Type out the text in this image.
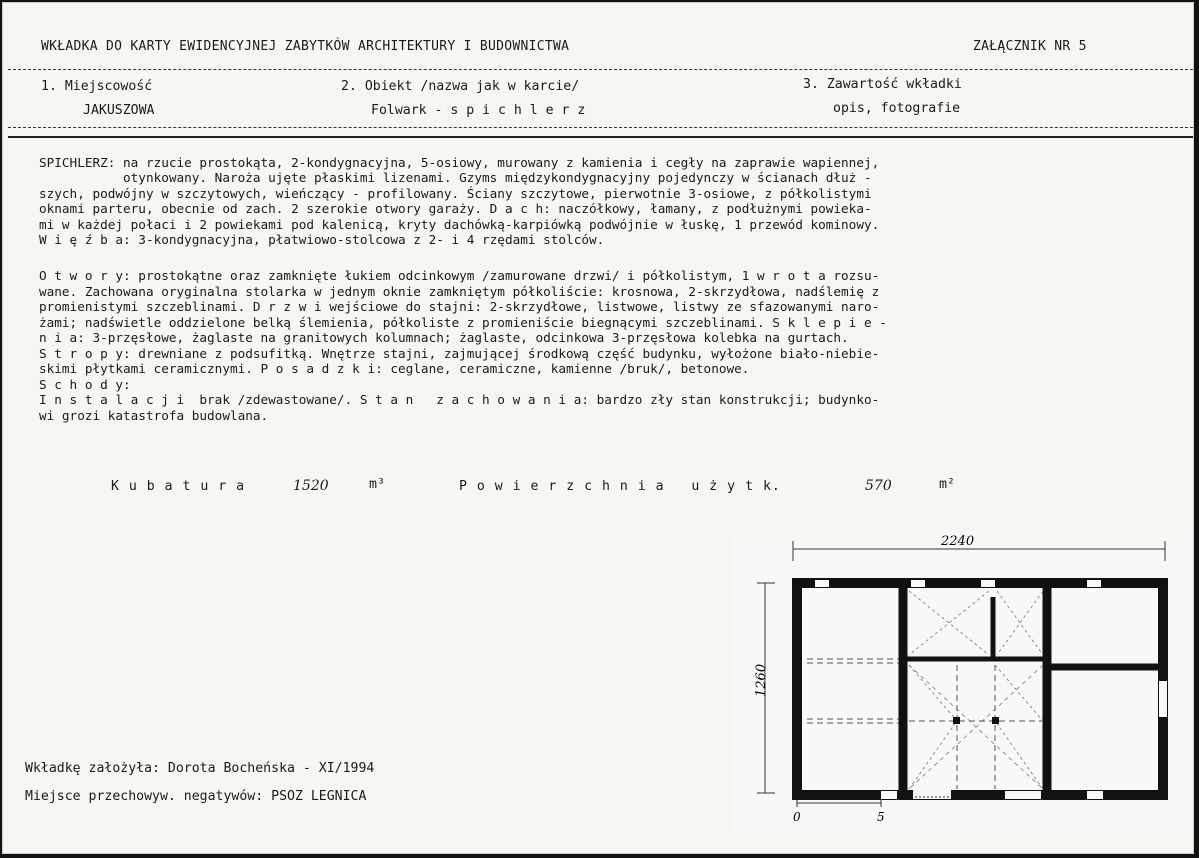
WKŁADKA DO KARTY EWIDENCYJNEJ ZABYTKÓW ARCHITEKTURY I BUDOWNICTWA	ZAŁĄCZNIK NR 5
1. Miejscowość
JAKUSZOWA
2. Obiekt /nazwa jak w karcie/
Folwark - s p i c h l e r z
3. Zawartość wkładki
opis, fotografie
SPICHLERZ: na rzucie prostokąta, 2-kondygnacyjna, 5-osiowy, murowany z kamienia i cegły na zaprawie wapiennej,
otynkowany. Naroża ujęte płaskimi lizenami. Gzyms międzykondygnacyjny pojedynczy w ścianach dłuż -
szych, podwójny w szczytowych, wieńczący - profilowany. Ściany szczytowe, pierwotnie 3-osiowe, z półkolistymi
oknami parteru, obecnie od zach. 2 szerokie otwory garaży. D a c h: naczółkowy, łamany, z podłużnymi powieka-
mi w każdej połaci i 2 powiekami pod kalenicą, kryty dachówką-karpiówką podwójnie w łuskę, 1 przewód kominowy.
W i ę ź b a: 3-kondygnacyjna, płatwiowo-stolcowa z 2- i 4 rzędami stolców.
O t w o r y: prostokątne oraz zamknięte łukiem odcinkowym /zamurowane drzwi/ i półkolistym, 1 w r o t a rozsu-
wane. Zachowana oryginalna stolarka w jednym oknie zamkniętym półkoliście: krosnowa, 2-skrzydłowa, nadślemię z
promienistymi szczeblinami. D r z w i wejściowe do stajni: 2-skrzydłowe, listwowe, listwy ze sfazowanymi naro-
żami; nadświetle oddzielone belką ślemienia, półkoliste z promieniście biegnącymi szczeblinami. S k l e p i e -
n i a: 3-przęsłowe, żaglaste na granitowych kolumnach; żaglaste, odcinkowa 3-przęsłowa kolebka na gurtach.
S t r o p y: drewniane z podsufitką. Wnętrze stajni, zajmującej środkową część budynku, wyłożone biało-niebie-
skimi płytkami ceramicznymi. P o s a d z k i: ceglane, ceramiczne, kamienne /bruk/, betonowe.
S c h o d y:
I n s t a l a c j i  brak /zdewastowane/. S t a n   z a c h o w a n i a: bardzo zły stan konstrukcji; budynko-
wi grozi katastrofa budowlana.
K u b a t u r a	1520	m³	P o w i e r z c h n i a   u ż y t k.	570	m²
Wkładkę założyła: Dorota Bocheńska - XI/1994
Miejsce przechowyw. negatywów: PSOZ LEGNICA
2240
1260
0	5
